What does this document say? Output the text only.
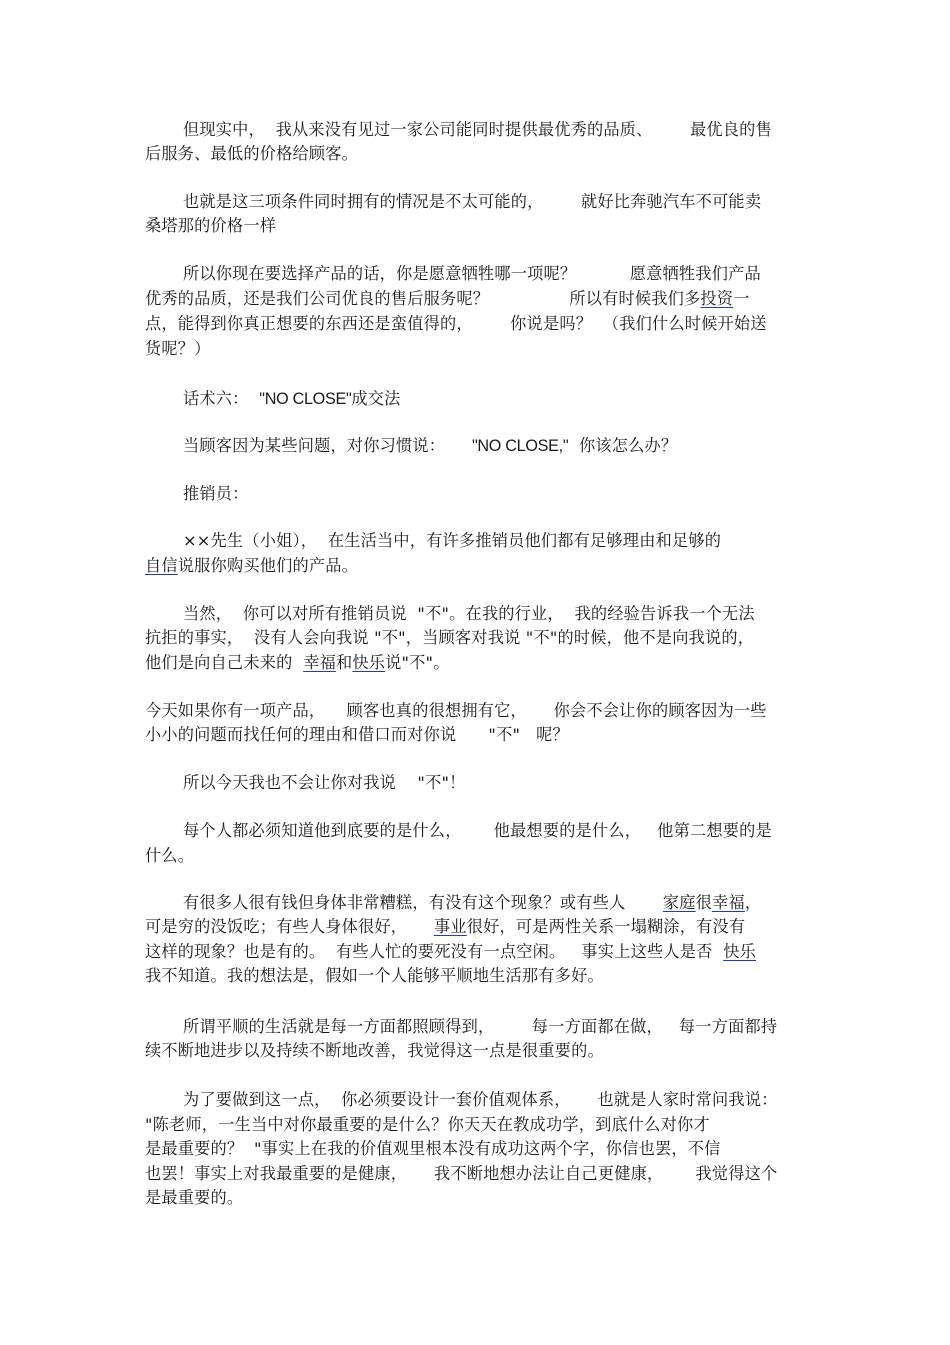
但现实中，  我从来没有见过一家公司能同时提供最优秀的品质、       最优良的售
后服务、最低的价格给顾客。
也就是这三项条件同时拥有的情况是不太可能的，       就好比奔驰汽车不可能卖
桑塔那的价格一样
所以你现在要选择产品的话，你是愿意牺牲哪一项呢？          愿意牺牲我们产品
优秀的品质，还是我们公司优良的售后服务呢？               所以有时候我们多投资一
点，能得到你真正想要的东西还是蛮值得的，       你说是吗？  （我们什么时候开始送
货呢？）
话术六：  "NO CLOSE"成交法
当顾客因为某些问题，对你习惯说：     "NO CLOSE,"  你该怎么办？
推销员：
××先生（小姐），  在生活当中，有许多推销员他们都有足够理由和足够的
自信说服你购买他们的产品。
当然，  你可以对所有推销员说  "不"。在我的行业，  我的经验告诉我一个无法
抗拒的事实，  没有人会向我说 "不"，当顾客对我说 "不"的时候，他不是向我说的，
他们是向自己未来的  幸福和快乐说"不"。
今天如果你有一项产品，    顾客也真的很想拥有它，     你会不会让你的顾客因为一些
小小的问题而找任何的理由和借口而对你说      "不"   呢？
所以今天我也不会让你对我说    "不"！
每个人都必须知道他到底要的是什么，      他最想要的是什么，   他第二想要的是
什么。
有很多人很有钱但身体非常糟糕，有没有这个现象？或有些人       家庭很幸福，
可是穷的没饭吃；有些人身体很好，     事业很好，可是两性关系一塌糊涂，有没有
这样的现象？也是有的。  有些人忙的要死没有一点空闲。   事实上这些人是否  快乐
我不知道。我的想法是，假如一个人能够平顺地生活那有多好。
所谓平顺的生活就是每一方面都照顾得到，       每一方面都在做，   每一方面都持
续不断地进步以及持续不断地改善，我觉得这一点是很重要的。
为了要做到这一点，  你必须要设计一套价值观体系，     也就是人家时常问我说：
"陈老师，一生当中对你最重要的是什么？你天天在教成功学，到底什么对你才
是最重要的？  "事实上在我的价值观里根本没有成功这两个字，你信也罢，不信
也罢！事实上对我最重要的是健康，     我不断地想办法让自己更健康，      我觉得这个
是最重要的。
